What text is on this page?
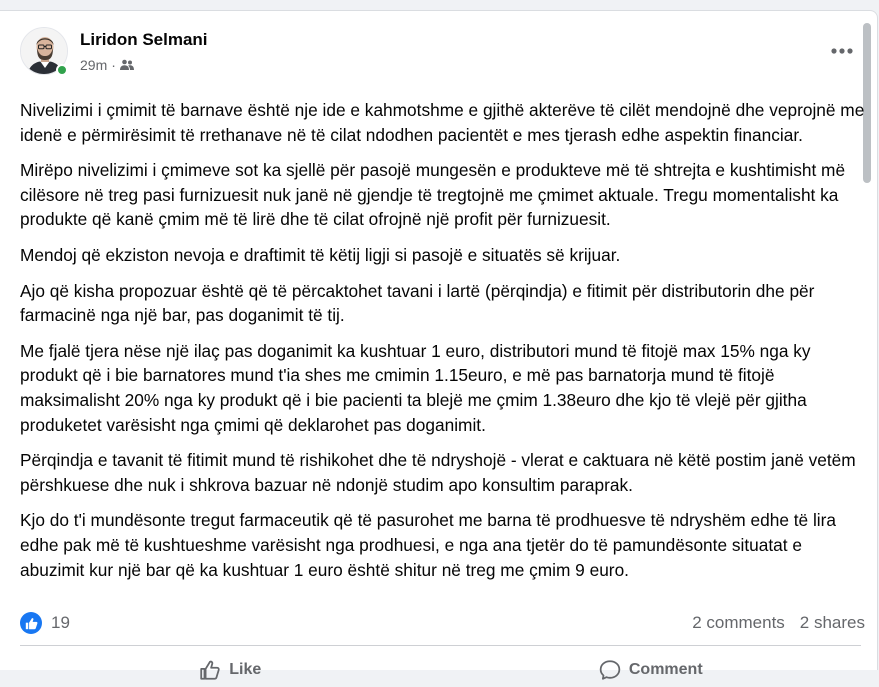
Liridon Selmani
29m ·

Nivelizimi i çmimit të barnave është nje ide e kahmotshme e gjithë akterëve të cilët mendojnë dhe veprojnë me idenë e përmirësimit të rrethanave në të cilat ndodhen pacientët e mes tjerash edhe aspektin financiar.

Mirëpo nivelizimi i çmimeve sot ka sjellë për pasojë mungesën e produkteve më të shtrejta e kushtimisht më cilësore në treg pasi furnizuesit nuk janë në gjendje të tregtojnë me çmimet aktuale. Tregu momentalisht ka produkte që kanë çmim më të lirë dhe të cilat ofrojnë një profit për furnizuesit.

Mendoj që ekziston nevoja e draftimit të këtij ligji si pasojë e situatës së krijuar.

Ajo që kisha propozuar është që të përcaktohet tavani i lartë (përqindja) e fitimit për distributorin dhe për farmacinë nga një bar, pas doganimit të tij.

Me fjalë tjera nëse një ilaç pas doganimit ka kushtuar 1 euro, distributori mund të fitojë max 15% nga ky produkt që i bie barnatores mund t'ia shes me cmimin 1.15euro, e më pas barnatorja mund të fitojë maksimalisht 20% nga ky produkt që i bie pacienti ta blejë me çmim 1.38euro dhe kjo të vlejë për gjitha produketet varësisht nga çmimi që deklarohet pas doganimit.

Përqindja e tavanit të fitimit mund të rishikohet dhe të ndryshojë - vlerat e caktuara në këtë postim janë vetëm përshkuese dhe nuk i shkrova bazuar në ndonjë studim apo konsultim paraprak.

Kjo do t'i mundësonte tregut farmaceutik që të pasurohet me barna të prodhuesve të ndryshëm edhe të lira edhe pak më të kushtueshme varësisht nga prodhuesi, e nga ana tjetër do të pamundësonte situatat e abuzimit kur një bar që ka kushtuar 1 euro është shitur në treg me çmim 9 euro.

19	2 comments 2 shares
Like	Comment
